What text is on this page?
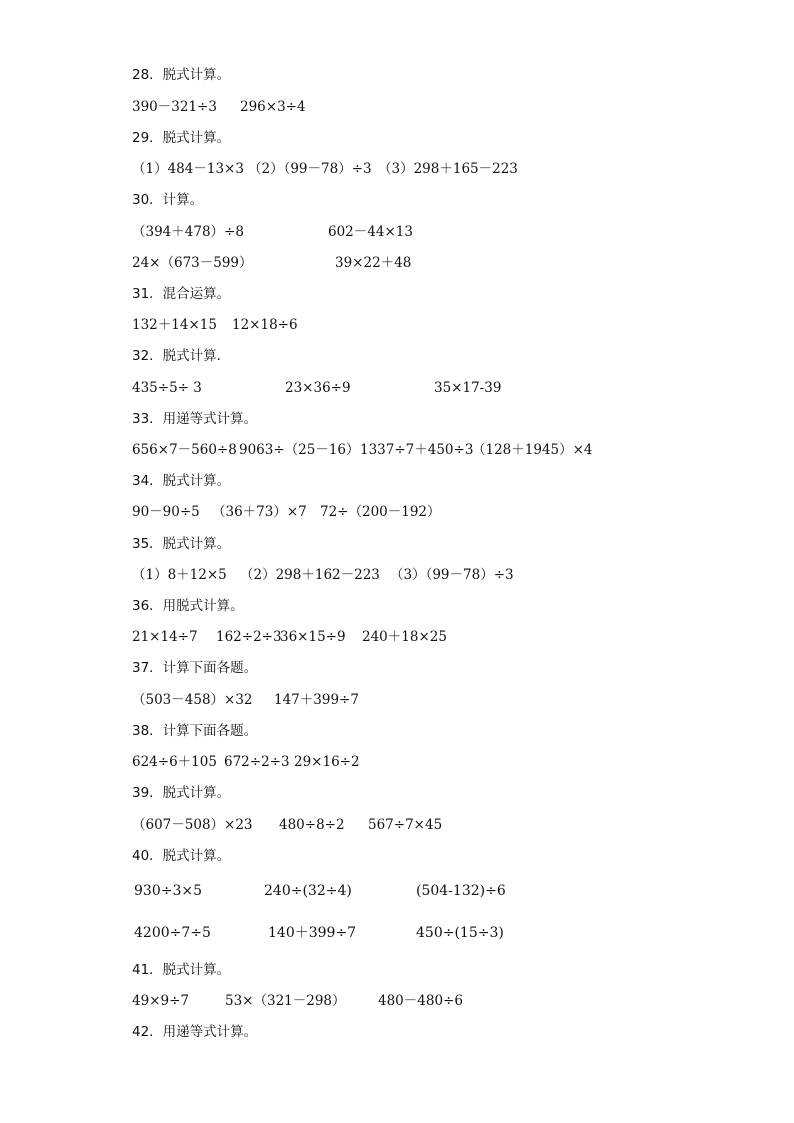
28．脱式计算。
390－321÷3 296×3÷4
29．脱式计算。
（1）484－13×3 （2）（99－78）÷3 （3）298＋165－223
30．计算。
（394＋478）÷8	602－44×13
24×（673－599）	39×22＋48
31．混合运算。
132＋14×15 12×18÷6
32．脱式计算．
435÷5÷ 3	23×36÷9	35×17-39
33．用递等式计算。
656×7－560÷8 9063÷（25－16） 1337÷7＋450÷3
（128＋1945）×4
34．脱式计算。
90－90÷5 （36＋73）×7 72÷（200－192）
35．脱式计算。
（1）8＋12×5 （2）298＋162－223 （3）（99－78）÷3
36．用脱式计算。
21×14÷7 162÷2÷3
36×15÷9 240＋18×25
37．计算下面各题。
（503－458）×32 147＋399÷7
38．计算下面各题。
624÷6＋105 672÷2÷3 29×16÷2
39．脱式计算。
（607－508）×23 480÷8÷2 567÷7×45
40．脱式计算。
930÷3×5	240÷(32÷4)	(504-132)÷6
4200÷7÷5	140＋399÷7	450÷(15÷3)
41．脱式计算。
49×9÷7	53×（321－298） 480－480÷6
42．用递等式计算。
